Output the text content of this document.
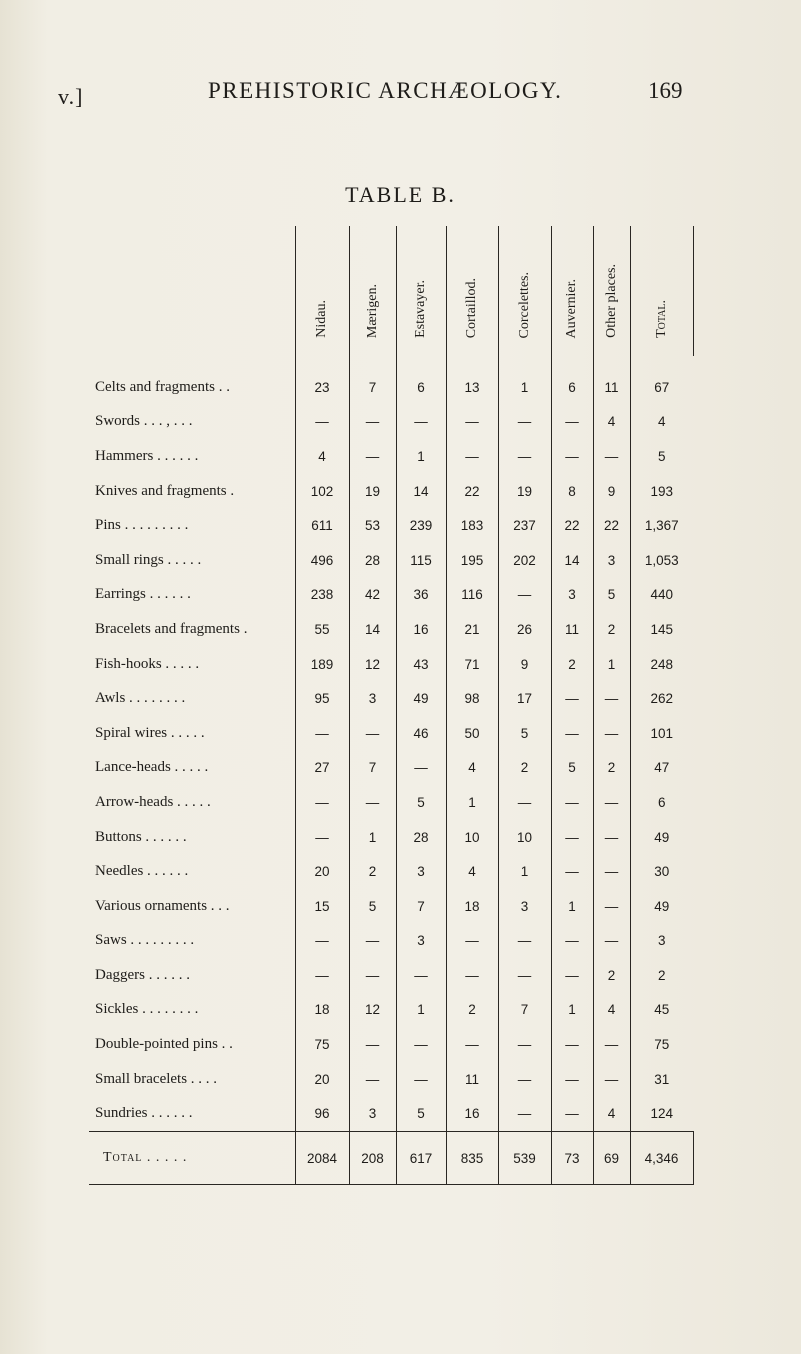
v.]	PREHISTORIC ARCHÆOLOGY.	169
TABLE B.

	Nidau.	Mærigen.	Estavayer.	Cortaillod.	Corcelettes.	Auvernier.	Other places.	Total.

Celts and fragments . .	23	7	6	13	1	6	11	67
Swords . . . , . . .	—	—	—	—	—	—	4	4
Hammers . . . . . .	4	—	1	—	—	—	—	5
Knives and fragments .	102	19	14	22	19	8	9	193
Pins . . . . . . . . .	611	53	239	183	237	22	22	1,367
Small rings . . . . .	496	28	115	195	202	14	3	1,053
Earrings . . . . . .	238	42	36	116	—	3	5	440
Bracelets and fragments .	55	14	16	21	26	11	2	145
Fish-hooks . . . . .	189	12	43	71	9	2	1	248
Awls . . . . . . . .	95	3	49	98	17	—	—	262
Spiral wires . . . . .	—	—	46	50	5	—	—	101
Lance-heads . . . . .	27	7	—	4	2	5	2	47
Arrow-heads . . . . .	—	—	5	1	—	—	—	6
Buttons . . . . . .	—	1	28	10	10	—	—	49
Needles . . . . . .	20	2	3	4	1	—	—	30
Various ornaments . . .	15	5	7	18	3	1	—	49
Saws . . . . . . . . .	—	—	3	—	—	—	—	3
Daggers . . . . . .	—	—	—	—	—	—	2	2
Sickles . . . . . . . .	18	12	1	2	7	1	4	45
Double-pointed pins . .	75	—	—	—	—	—	—	75
Small bracelets . . . .	20	—	—	11	—	—	—	31
Sundries . . . . . .	96	3	5	16	—	—	4	124
Total . . . . .	2084	208	617	835	539	73	69	4,346
